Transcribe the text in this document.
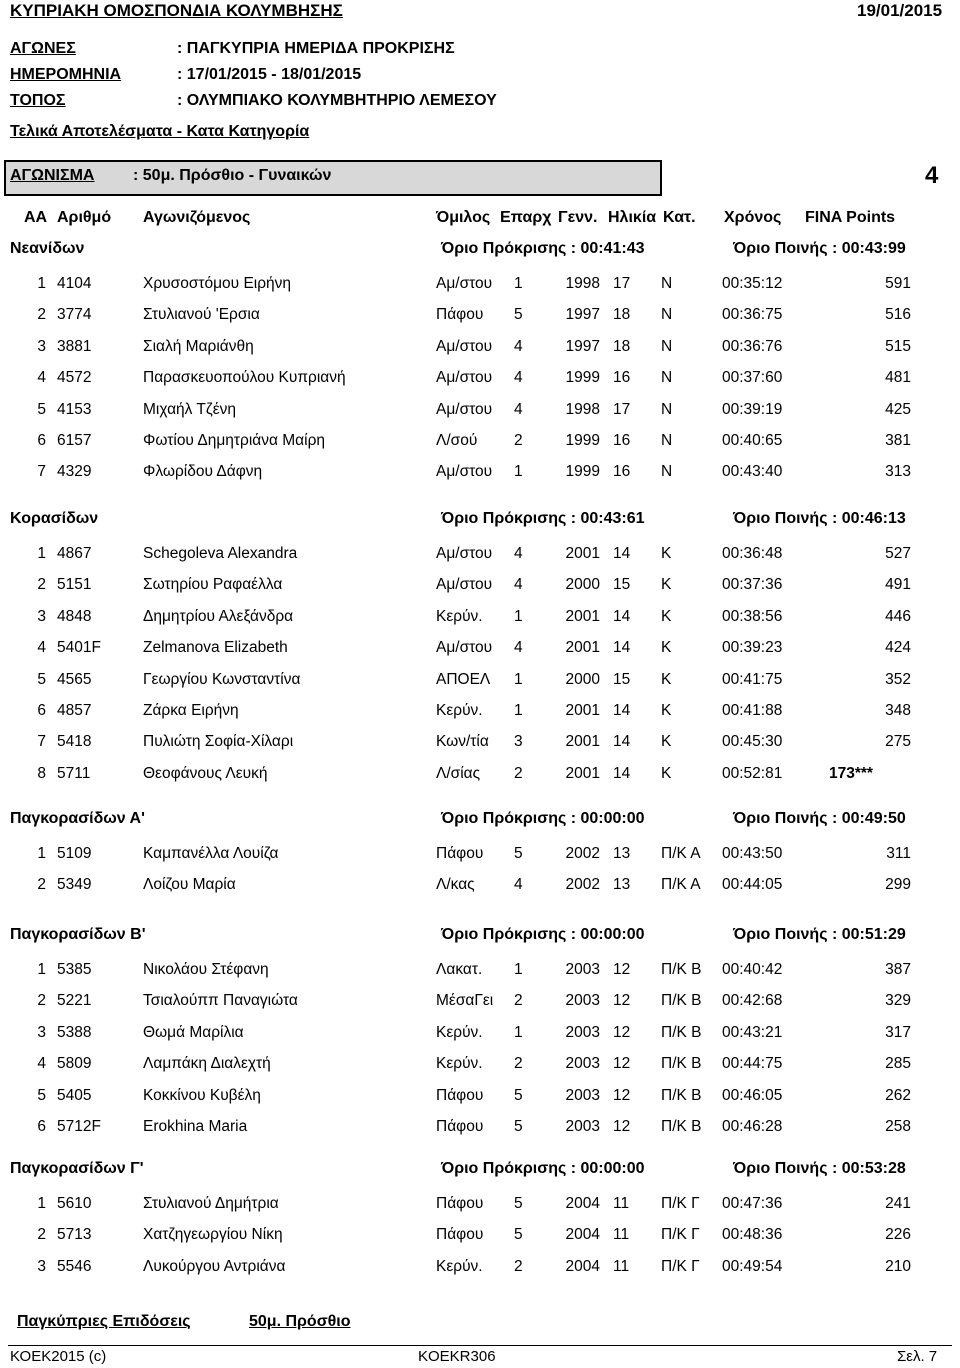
ΚΥΠΡΙΑΚΗ ΟΜΟΣΠΟΝΔΙΑ ΚΟΛΥΜΒΗΣΗΣ	19/01/2015
ΑΓΩΝΕΣ	: ΠΑΓΚΥΠΡΙΑ ΗΜΕΡΙΔΑ ΠΡΟΚΡΙΣΗΣ
ΗΜΕΡΟΜΗΝΙΑ	: 17/01/2015 - 18/01/2015
ΤΟΠΟΣ	: ΟΛΥΜΠΙΑΚΟ ΚΟΛΥΜΒΗΤΗΡΙΟ ΛΕΜΕΣΟΥ
Τελικά Αποτελέσματα - Κατα Κατηγορία
ΑΓΩΝΙΣΜΑ : 50μ. Πρόσθιο - Γυναικών	4
ΑΑ Αριθμό Αγωνιζόμενος	Όμιλος Επαρχ Γενν. Ηλικία Κατ. Χρόνος FINA Points
Νεανίδων	Όριο Πρόκρισης : 00:41:43	Όριο Ποινής : 00:43:99
1 4104	Χρυσοστόμου Ειρήνη	Αμ/στου 1	1998 17 Ν	00:35:12	591
2 3774	Στυλιανού 'Ερσια	Πάφου 5	1997 18 Ν	00:36:75	516
3 3881	Σιαλή Μαριάνθη	Αμ/στου 4	1997 18 Ν	00:36:76	515
4 4572	Παρασκευοπούλου Κυπριανή	Αμ/στου 4	1999 16 Ν	00:37:60	481
5 4153	Μιχαήλ Τζένη	Αμ/στου 4	1998 17 Ν	00:39:19	425
6 6157	Φωτίου Δημητριάνα Μαίρη	Λ/σού 2	1999 16 Ν	00:40:65	381
7 4329	Φλωρίδου Δάφνη	Αμ/στου 1	1999 16 Ν	00:43:40	313
Κορασίδων	Όριο Πρόκρισης : 00:43:61	Όριο Ποινής : 00:46:13
1 4867	Schegoleva Alexandra	Αμ/στου 4	2001 14 Κ	00:36:48	527
2 5151	Σωτηρίου Ραφαέλλα	Αμ/στου 4	2000 15 Κ	00:37:36	491
3 4848	Δημητρίου Αλεξάνδρα	Κερύν. 1	2001 14 Κ	00:38:56	446
4 5401F	Zelmanova Elizabeth	Αμ/στου 4	2001 14 Κ	00:39:23	424
5 4565	Γεωργίου Κωνσταντίνα	ΑΠΟΕΛ 1	2000 15 Κ	00:41:75	352
6 4857	Ζάρκα Ειρήνη	Κερύν. 1	2001 14 Κ	00:41:88	348
7 5418	Πυλιώτη Σοφία-Χίλαρι	Κων/τία 3	2001 14 Κ	00:45:30	275
8 5711	Θεοφάνους Λευκή	Λ/σίας 2	2001 14 Κ	00:52:81	173***
Παγκορασίδων Α'	Όριο Πρόκρισης : 00:00:00	Όριο Ποινής : 00:49:50
1 5109	Καμπανέλλα Λουίζα	Πάφου 5	2002 13 Π/Κ Α 00:43:50	311
2 5349	Λοίζου Μαρία	Λ/κας	4	2002 13 Π/Κ Α 00:44:05	299
Παγκορασίδων Β'	Όριο Πρόκρισης : 00:00:00	Όριο Ποινής : 00:51:29
1 5385	Νικολάου Στέφανη	Λακατ. 1	2003 12 Π/Κ Β 00:40:42	387
2 5221	Τσιαλούππ Παναγιώτα	ΜέσαΓει 2	2003 12 Π/Κ Β 00:42:68	329
3 5388	Θωμά Μαρίλια	Κερύν. 1	2003 12 Π/Κ Β 00:43:21	317
4 5809	Λαμπάκη Διαλεχτή	Κερύν. 2	2003 12 Π/Κ Β 00:44:75	285
5 5405	Κοκκίνου Κυβέλη	Πάφου 5	2003 12 Π/Κ Β 00:46:05	262
6 5712F	Erokhina Maria	Πάφου 5	2003 12 Π/Κ Β 00:46:28	258
Παγκορασίδων Γ'	Όριο Πρόκρισης : 00:00:00	Όριο Ποινής : 00:53:28
1 5610	Στυλιανού Δημήτρια	Πάφου 5	2004 11 Π/Κ Γ 00:47:36	241
2 5713	Χατζηγεωργίου Νίκη	Πάφου 5	2004 11 Π/Κ Γ 00:48:36	226
3 5546	Λυκούργου Αντριάνα	Κερύν. 2	2004 11 Π/Κ Γ 00:49:54	210
Παγκύπριες Επιδόσεις	50μ. Πρόσθιο
ΚΟΕΚ2015 (c)	KOEKR306	Σελ. 7
